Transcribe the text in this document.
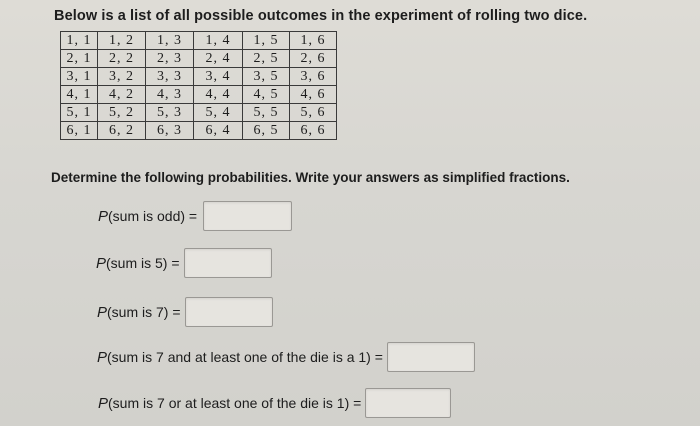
Below is a list of all possible outcomes in the experiment of rolling two dice.
1, 1	1, 2	1, 3	1, 4	1, 5	1, 6
2, 1	2, 2	2, 3	2, 4	2, 5	2, 6
3, 1	3, 2	3, 3	3, 4	3, 5	3, 6
4, 1	4, 2	4, 3	4, 4	4, 5	4, 6
5, 1	5, 2	5, 3	5, 4	5, 5	5, 6
6, 1	6, 2	6, 3	6, 4	6, 5	6, 6
Determine the following probabilities. Write your answers as simplified fractions.
P (sum is odd) =
P (sum is 5) =
P (sum is 7) =
P (sum is 7 and at least one of the die is a 1) =
P (sum is 7 or at least one of the die is 1) =
